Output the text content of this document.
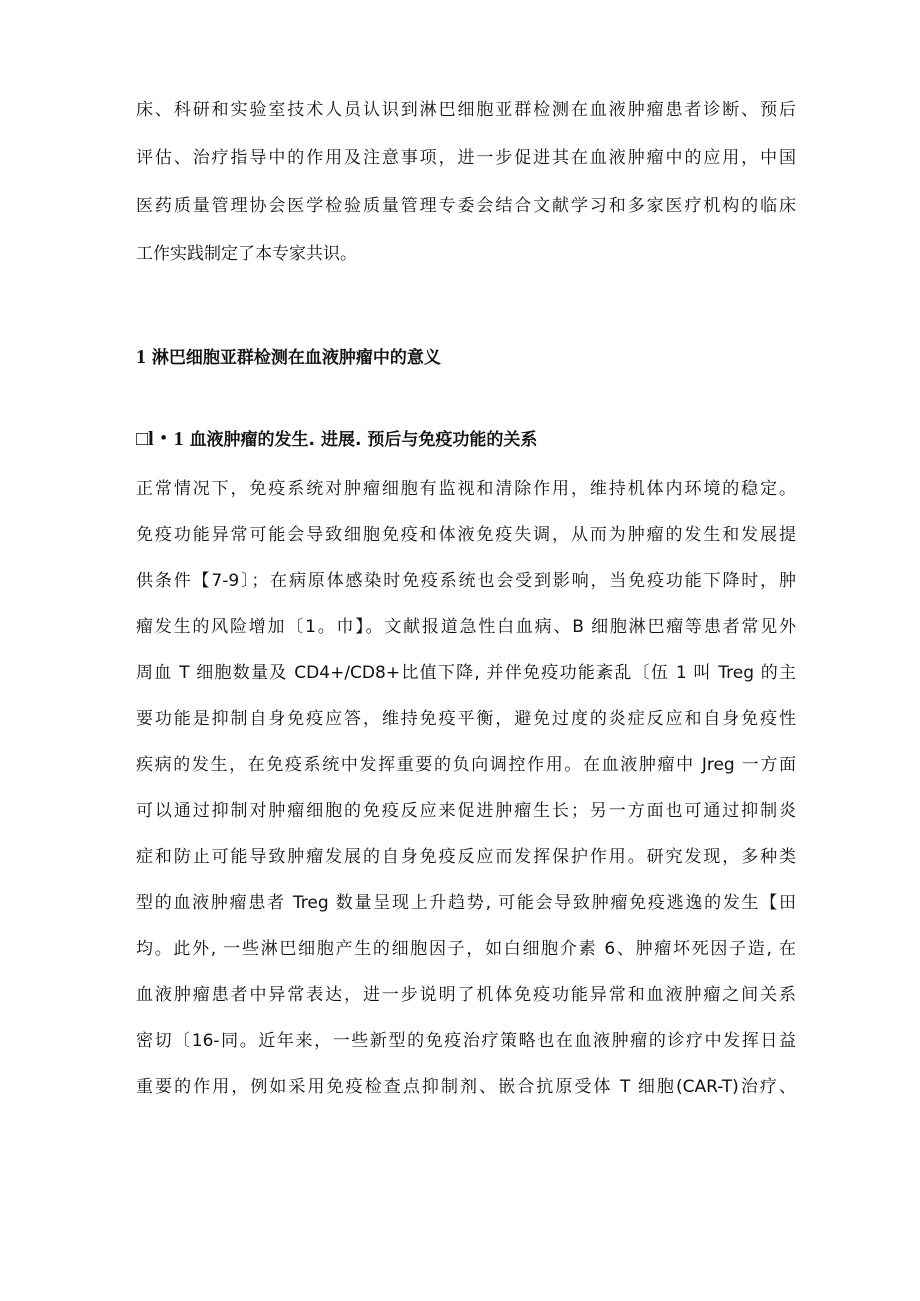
床、科研和实验室技术人员认识到淋巴细胞亚群检测在血液肿瘤患者诊断、预后
评估、治疗指导中的作用及注意事项，进一步促进其在血液肿瘤中的应用，中国
医药质量管理协会医学检验质量管理专委会结合文献学习和多家医疗机构的临床
工作实践制定了本专家共识。
1 淋巴细胞亚群检测在血液肿瘤中的意义
□l・1 血液肿瘤的发生. 进展. 预后与免疫功能的关系
正常情况下，免疫系统对肿瘤细胞有监视和清除作用，维持机体内环境的稳定。
免疫功能异常可能会导致细胞免疫和体液免疫失调，从而为肿瘤的发生和发展提
供条件【7-9〕；在病原体感染时免疫系统也会受到影响，当免疫功能下降时，肿
瘤发生的风险增加〔1。巾】。文献报道急性白血病、B 细胞淋巴瘤等患者常见外
周血 T 细胞数量及 CD4+∕CD8+比值下降, 并伴免疫功能紊乱〔伍 1 叫 Treg 的主
要功能是抑制自身免疫应答，维持免疫平衡，避免过度的炎症反应和自身免疫性
疾病的发生，在免疫系统中发挥重要的负向调控作用。在血液肿瘤中 Jreg 一方面
可以通过抑制对肿瘤细胞的免疫反应来促进肿瘤生长；另一方面也可通过抑制炎
症和防止可能导致肿瘤发展的自身免疫反应而发挥保护作用。研究发现，多种类
型的血液肿瘤患者 Treg 数量呈现上升趋势, 可能会导致肿瘤免疫逃逸的发生【田
均。此外, 一些淋巴细胞产生的细胞因子，如白细胞介素 6、肿瘤坏死因子造, 在
血液肿瘤患者中异常表达，进一步说明了机体免疫功能异常和血液肿瘤之间关系
密切〔16-同。近年来，一些新型的免疫治疗策略也在血液肿瘤的诊疗中发挥日益
重要的作用，例如采用免疫检查点抑制剂、嵌合抗原受体 T 细胞(CAR-T)治疗、
